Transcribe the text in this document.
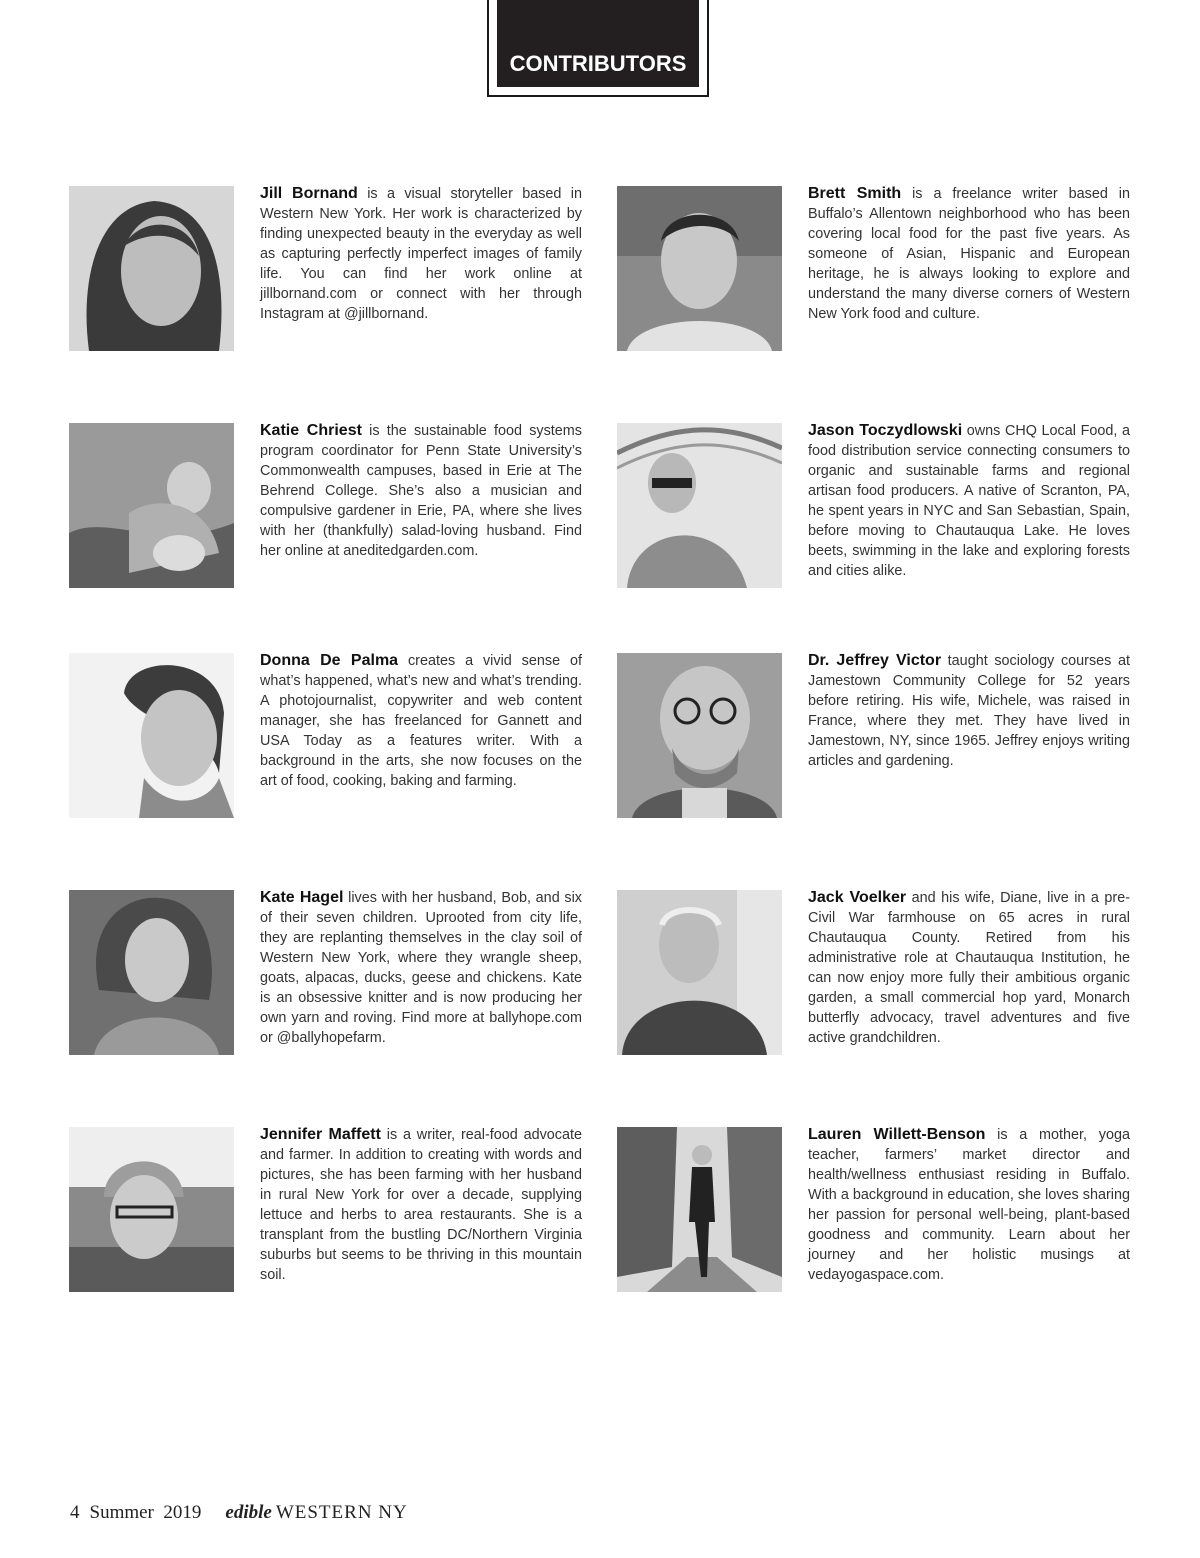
CONTRIBUTORS
Jill Bornand is a visual storyteller based in Western New York. Her work is characterized by finding unexpected beauty in the everyday as well as capturing perfectly imperfect images of family life. You can find her work online at jillbornand.com or connect with her through Instagram at @jillbornand.
Brett Smith is a freelance writer based in Buffalo’s Allentown neighborhood who has been covering local food for the past five years. As someone of Asian, Hispanic and European heritage, he is always looking to explore and understand the many diverse corners of Western New York food and culture.
Katie Chriest is the sustainable food systems program coordinator for Penn State University’s Commonwealth campuses, based in Erie at The Behrend College. She’s also a musician and compulsive gardener in Erie, PA, where she lives with her (thankfully) salad-loving husband. Find her online at aneditedgarden.com.
Jason Toczydlowski owns CHQ Local Food, a food distribution service connecting consumers to organic and sustainable farms and regional artisan food producers. A native of Scranton, PA, he spent years in NYC and San Sebastian, Spain, before moving to Chautauqua Lake. He loves beets, swimming in the lake and exploring forests and cities alike.
Donna De Palma creates a vivid sense of what’s happened, what’s new and what’s trending. A photojournalist, copywriter and web content manager, she has freelanced for Gannett and USA Today as a features writer. With a background in the arts, she now focuses on the art of food, cooking, baking and farming.
Dr. Jeffrey Victor taught sociology courses at Jamestown Community College for 52 years before retiring. His wife, Michele, was raised in France, where they met. They have lived in Jamestown, NY, since 1965. Jeffrey enjoys writing articles and gardening.
Kate Hagel lives with her husband, Bob, and six of their seven children. Uprooted from city life, they are replanting themselves in the clay soil of Western New York, where they wrangle sheep, goats, alpacas, ducks, geese and chickens. Kate is an obsessive knitter and is now producing her own yarn and roving. Find more at ballyhope.com or @ballyhopefarm.
Jack Voelker and his wife, Diane, live in a pre-Civil War farmhouse on 65 acres in rural Chautauqua County. Retired from his administrative role at Chautauqua Institution, he can now enjoy more fully their ambitious organic garden, a small commercial hop yard, Monarch butterfly advocacy, travel adventures and five active grandchildren.
Jennifer Maffett is a writer, real-food advocate and farmer. In addition to creating with words and pictures, she has been farming with her husband in rural New York for over a decade, supplying lettuce and herbs to area restaurants. She is a transplant from the bustling DC/Northern Virginia suburbs but seems to be thriving in this mountain soil.
Lauren Willett-Benson is a mother, yoga teacher, farmers’ market director and health/wellness enthusiast residing in Buffalo. With a background in education, she loves sharing her passion for personal well-being, plant-based goodness and community. Learn about her journey and her holistic musings at vedayogaspace.com.
4 Summer  2019 edible WESTERN NY
